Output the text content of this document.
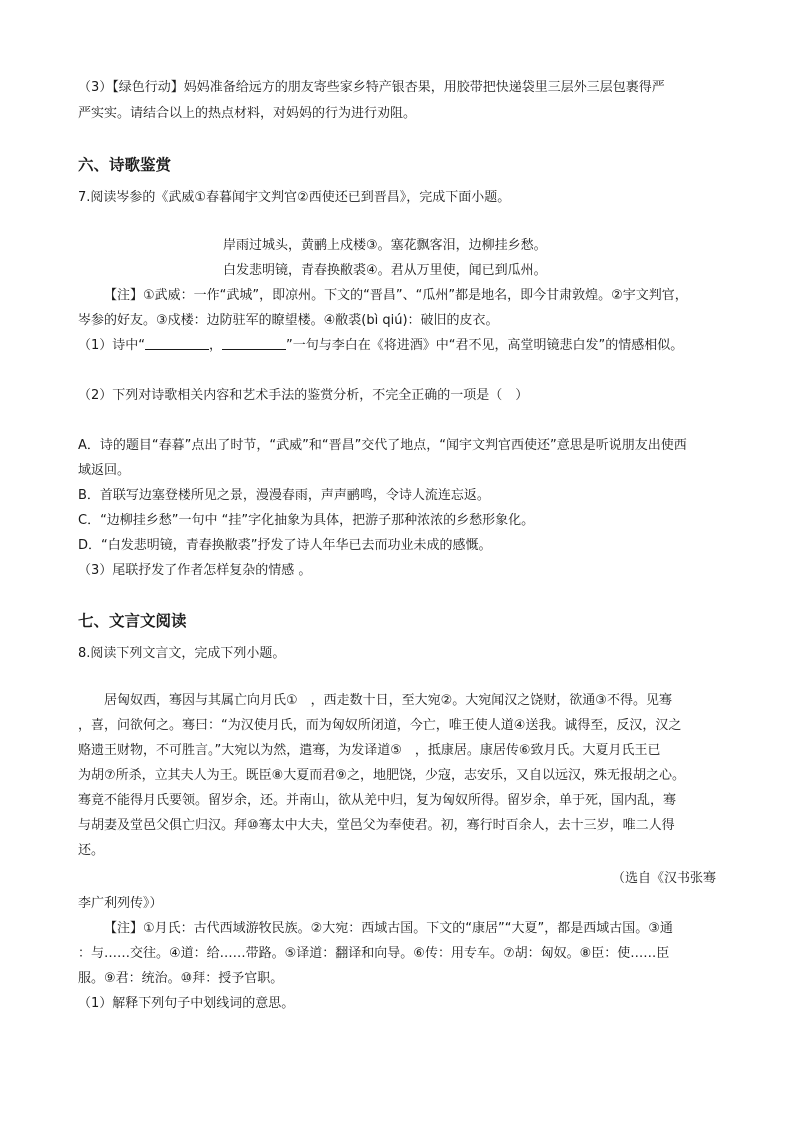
（3）【绿色行动】妈妈准备给远方的朋友寄些家乡特产银杏果，用胶带把快递袋里三层外三层包裹得严
严实实。请结合以上的热点材料，对妈妈的行为进行劝阻。
六、诗歌鉴赏
7.阅读岑参的《武威①春暮闻宇文判官②西使还已到晋昌》，完成下面小题。
岸雨过城头，黄鹂上戍楼③。塞花飘客泪，边柳挂乡愁。
白发悲明镜，青春换敝裘④。君从万里使，闻已到瓜州。
【注】①武威：一作“武城”，即凉州。下文的“晋昌”、“瓜州”都是地名，即今甘肃敦煌。②宇文判官，
岑参的好友。③戍楼：边防驻军的瞭望楼。④敝裘(bì qiú)：破旧的皮衣。
（1）诗中“	，	”一句与李白在《将进酒》中“君不见，高堂明镜悲白发”的情感相似。
（2）下列对诗歌相关内容和艺术手法的鉴赏分析，不完全正确的一项是（　）
A．诗的题目“春暮”点出了时节，“武威”和“晋昌”交代了地点，“闻宇文判官西使还”意思是听说朋友出使西
域返回。
B．首联写边塞登楼所见之景，漫漫春雨，声声鹂鸣，令诗人流连忘返。
C．“边柳挂乡愁”一句中 “挂”字化抽象为具体，把游子那种浓浓的乡愁形象化。
D．“白发悲明镜，青春换敝裘”抒发了诗人年华已去而功业未成的感慨。
（3）尾联抒发了作者怎样复杂的情感 。
七、文言文阅读
8.阅读下列文言文，完成下列小题。
居匈奴西，骞因与其属亡向月氏①　，西走数十日，至大宛②。大宛闻汉之饶财，欲通③不得。见骞
，喜，问欲何之。骞曰：“为汉使月氏，而为匈奴所闭道，今亡，唯王使人道④送我。诚得至，反汉，汉之
赂遗王财物，不可胜言。”大宛以为然，遣骞，为发译道⑤　，抵康居。康居传⑥致月氏。大夏月氏王已
为胡⑦所杀，立其夫人为王。既臣⑧大夏而君⑨之，地肥饶，少寇，志安乐，又自以远汉，殊无报胡之心。
骞竟不能得月氏要领。留岁余，还。并南山，欲从羌中归，复为匈奴所得。留岁余，单于死，国内乱，骞
与胡妻及堂邑父俱亡归汉。拜⑩骞太中大夫，堂邑父为奉使君。初，骞行时百余人，去十三岁，唯二人得
还。
（选自《汉书张骞
李广利列传》）
【注】①月氏：古代西域游牧民族。②大宛：西域古国。下文的“康居”“大夏”，都是西域古国。③通
：与……交往。④道：给……带路。⑤译道：翻译和向导。⑥传：用专车。⑦胡：匈奴。⑧臣：使……臣
服。⑨君：统治。⑩拜：授予官职。
（1）解释下列句子中划线词的意思。
